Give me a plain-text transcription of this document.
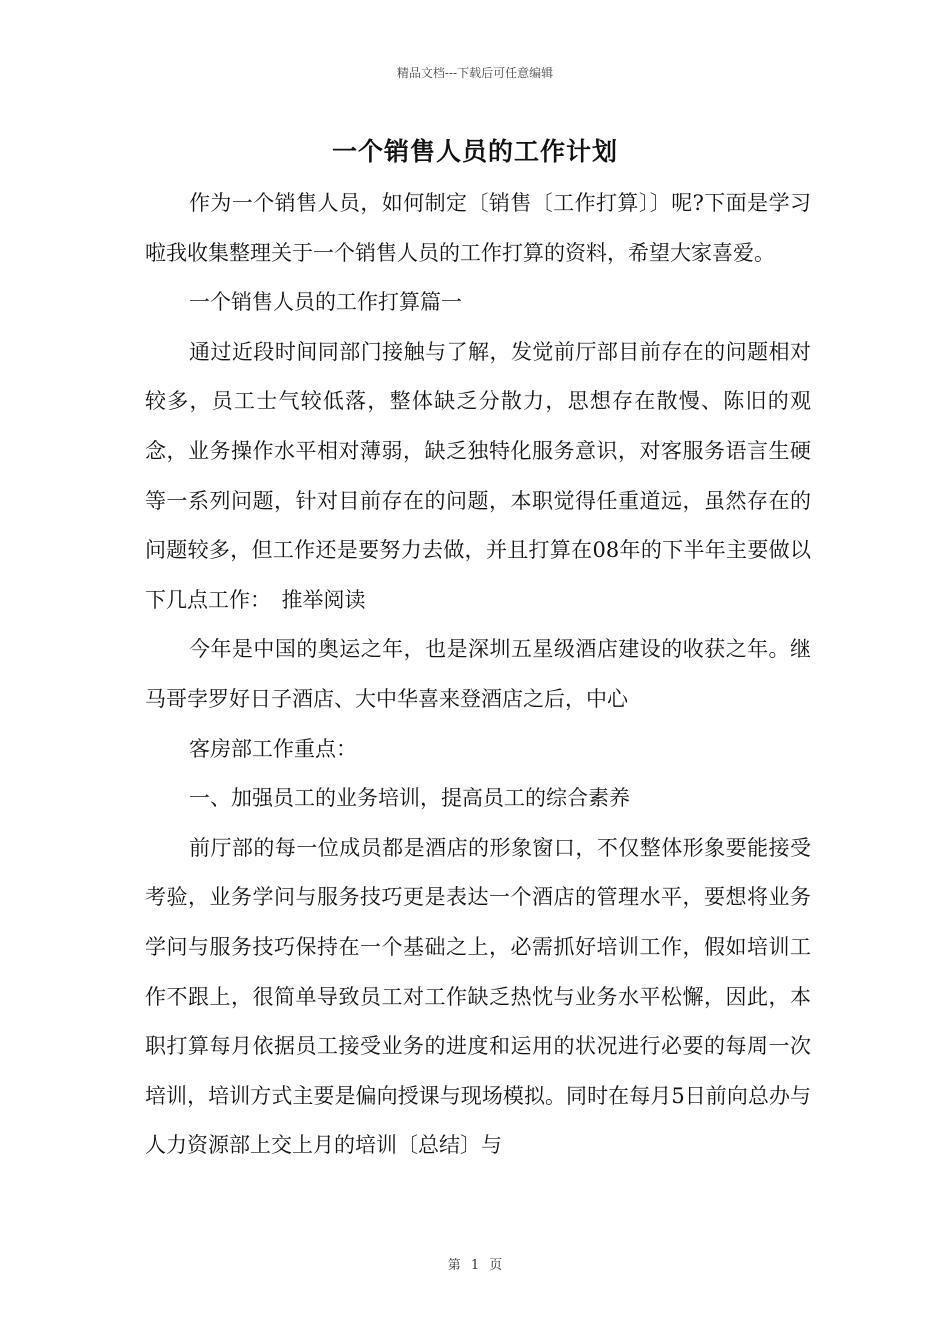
精品文档---下载后可任意编辑
一个销售人员的工作计划

作为一个销售人员，如何制定〔销售〔工作打算〕〕呢?下面是学习啦我收集整理关于一个销售人员的工作打算的资料，希望大家喜爱。

一个销售人员的工作打算篇一

通过近段时间同部门接触与了解，发觉前厅部目前存在的问题相对较多，员工士气较低落，整体缺乏分散力，思想存在散慢、陈旧的观念，业务操作水平相对薄弱，缺乏独特化服务意识，对客服务语言生硬等一系列问题，针对目前存在的问题，本职觉得任重道远，虽然存在的问题较多，但工作还是要努力去做，并且打算在08年的下半年主要做以下几点工作：　推举阅读

今年是中国的奥运之年，也是深圳五星级酒店建设的收获之年。继马哥孛罗好日子酒店、大中华喜来登酒店之后，中心

客房部工作重点：

一、加强员工的业务培训，提高员工的综合素养

前厅部的每一位成员都是酒店的形象窗口，不仅整体形象要能接受考验，业务学问与服务技巧更是表达一个酒店的管理水平，要想将业务学问与服务技巧保持在一个基础之上，必需抓好培训工作，假如培训工作不跟上，很简单导致员工对工作缺乏热忱与业务水平松懈，因此，本职打算每月依据员工接受业务的进度和运用的状况进行必要的每周一次培训，培训方式主要是偏向授课与现场模拟。同时在每月5日前向总办与人力资源部上交上月的培训〔总结〕与

第 1 页
